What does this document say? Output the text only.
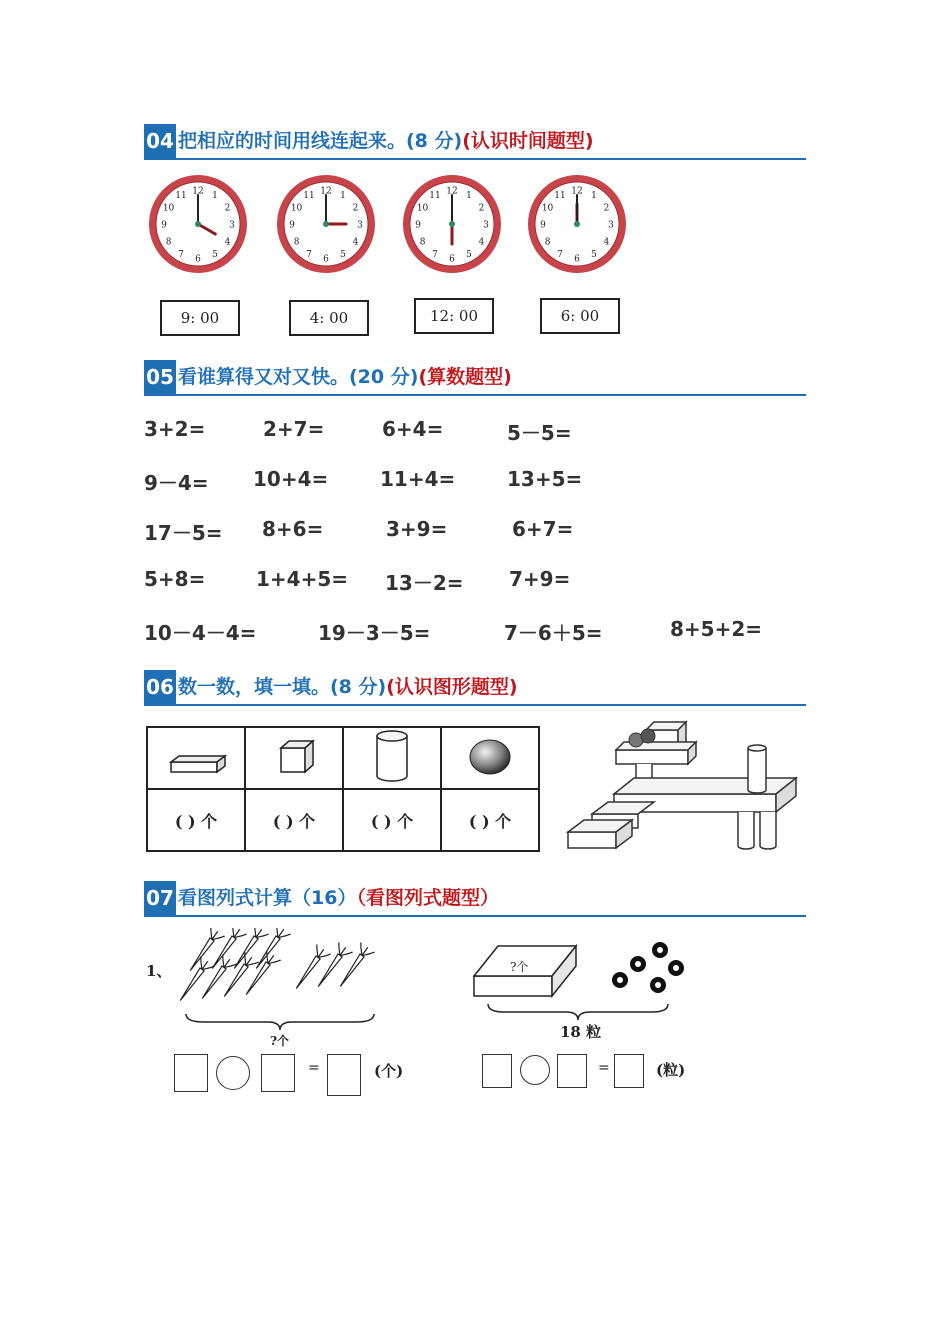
04 把相应的时间用线连起来。(8 分)(认识时间题型)
12 1
2
3
4
5
6
7
8
9
10
11	12 1
2
3
4
5
6
7
8
9
10
11	12 1
2
3
4
5
6
7
8
9
10
11	12 1
2
3
4
5
6
7
8
9
10
11
9: 00	4: 00	12: 00	6: 00
05 看谁算得又对又快。(20 分)(算数题型)
3+2=	2+7=	6+4=	5－5=
9－4= 10+4=	11+4=	13+5=
17－5= 8+6=	3+9=	6+7=
5+8=	1+4+5= 13－2= 7+9=
10－4－4=	19－3－5=	7－6＋5=	8+5+2=
06 数一数，填一填。(8 分)(认识图形题型)

( ) 个	( ) 个	( ) 个	( ) 个
07 看图列式计算（16）（看图列式题型）
1、
?个
=	(个)
?个
18 粒
=	(粒)
